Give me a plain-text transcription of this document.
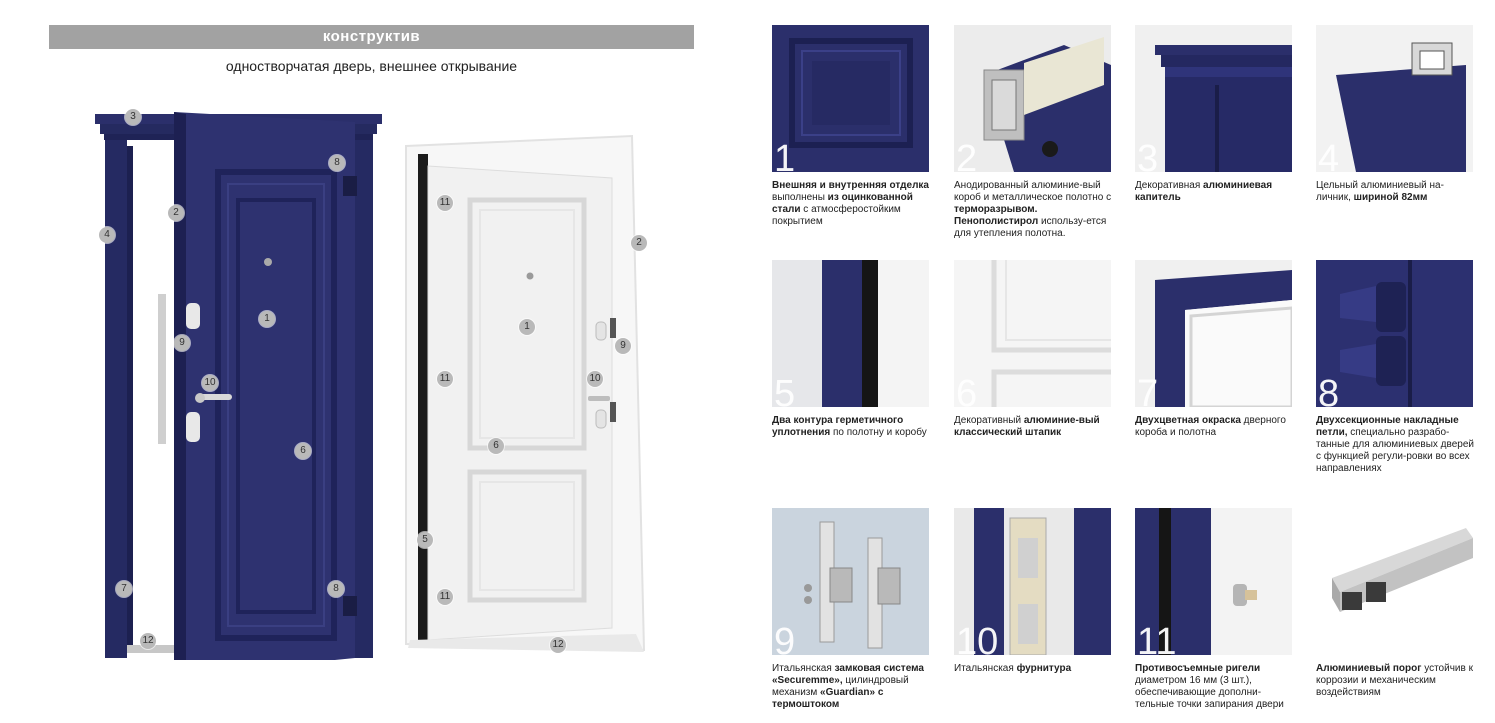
конструктив
одностворчатая дверь, внешнее открывание
3
8
2
4
1
9
10
6
7	8
12
11
2
1
9
11	10
6
5
11
12
1
Внешняя и внутренняя отделка выполнены из оцинкованной стали с атмосферостойким покрытием
2
Анодированный алюминие-вый короб и металлическое полотно с терморазрывом. Пенополистирол использу-ется для утепления полотна.
3
Декоративная алюминиевая капитель
4
Цельный алюминиевый на-личник, шириной 82мм
5
Два контура герметичного уплотнения по полотну и коробу
6
Декоративный алюминие-вый классический штапик
7
Двухцветная окраска дверного короба и полотна
8
Двухсекционные накладные петли, специально разрабо-танные для алюминиевых дверей с функцией регули-ровки во всех направлениях
9
Итальянская замковая система «Securemme», цилиндровый механизм «Guardian» с термоштоком
10
Итальянская фурнитура
11
Противосъемные ригели диаметром 16 мм (3 шт.), обеспечивающие дополни-тельные точки запирания двери
12
Алюминиевый порог устойчив к коррозии и механическим воздействиям
